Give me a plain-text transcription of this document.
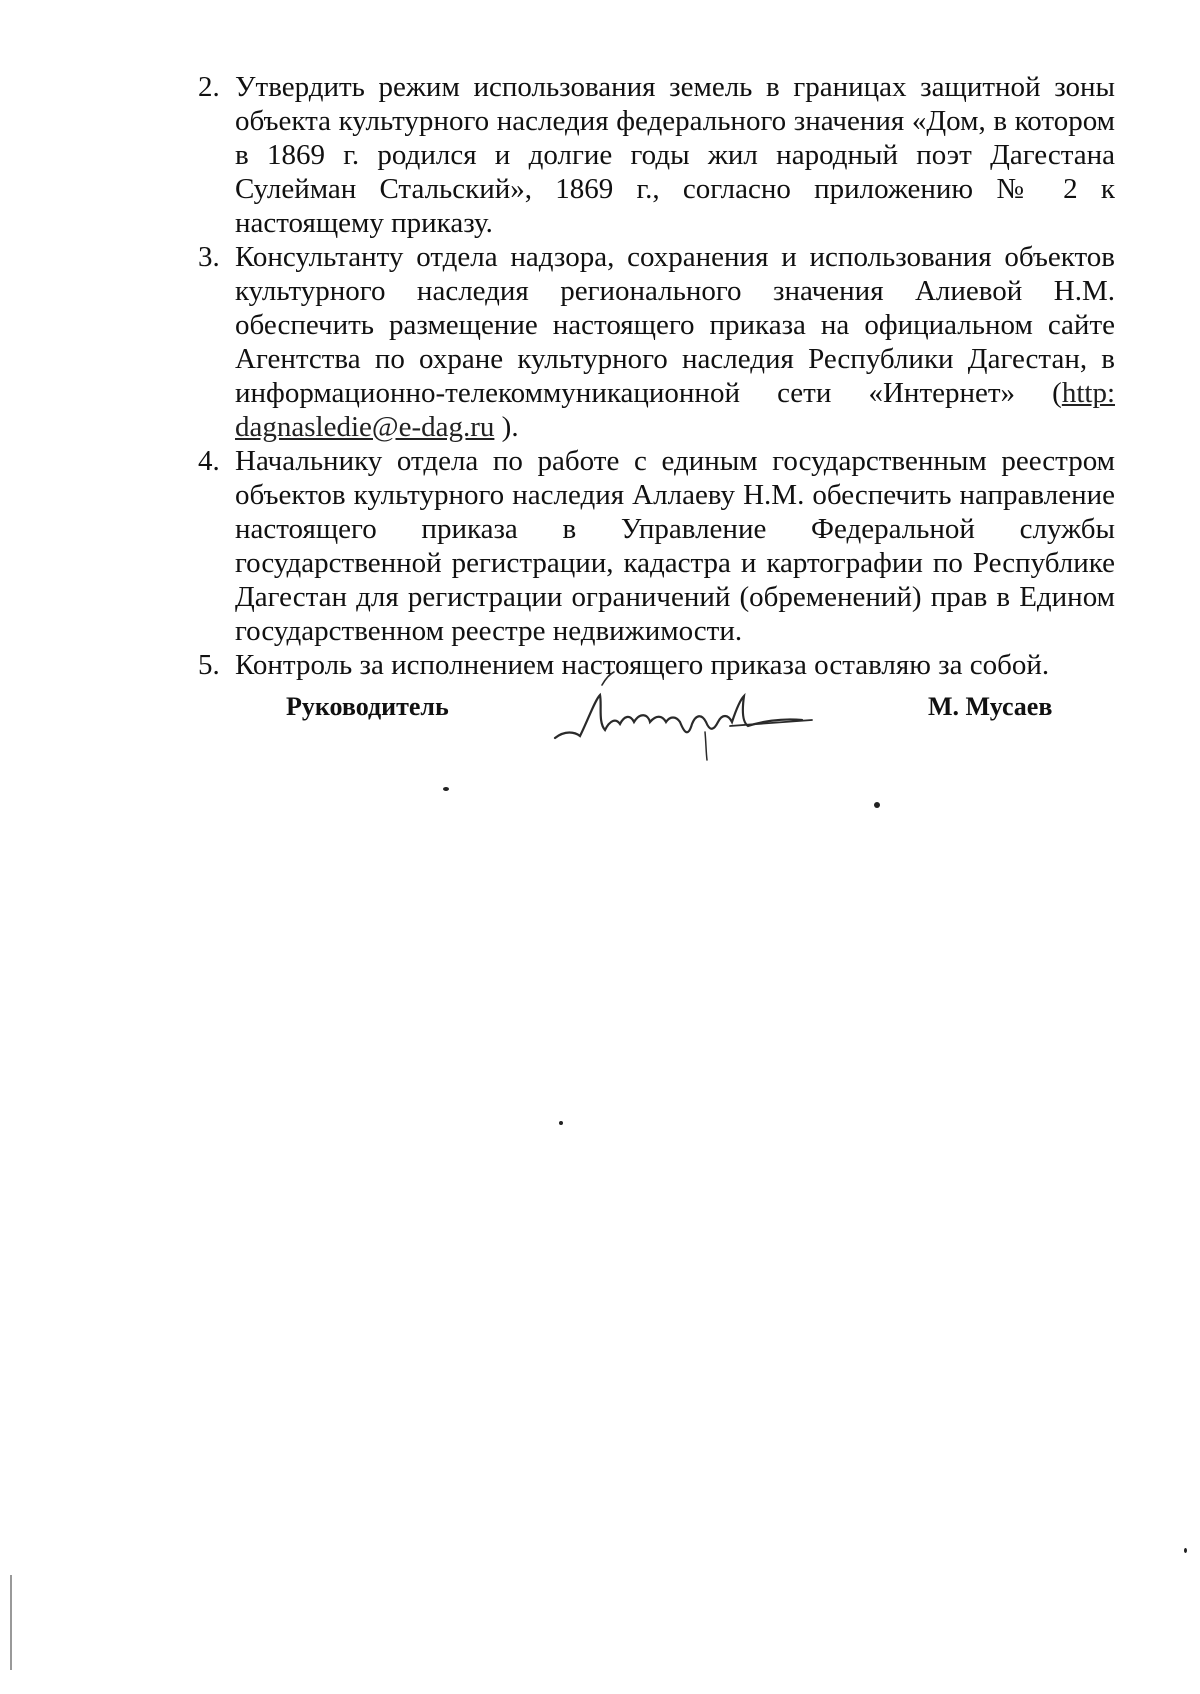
2. Утвердить режим использования земель в границах защитной зоны объекта культурного наследия федерального значения «Дом, в котором в 1869 г. родился и долгие годы жил народный поэт Дагестана Сулейман Стальский», 1869 г., согласно приложению № 2 к настоящему приказу.
3. Консультанту отдела надзора, сохранения и использования объектов культурного наследия регионального значения Алиевой Н.М. обеспечить размещение настоящего приказа на официальном сайте Агентства по охране культурного наследия Республики Дагестан, в информационно-телекоммуникационной сети «Интернет» (http: dagnasledie@e-dag.ru ).
4. Начальнику отдела по работе с единым государственным реестром объектов культурного наследия Аллаеву Н.М. обеспечить направление настоящего приказа в Управление Федеральной службы государственной регистрации, кадастра и картографии по Республике Дагестан для регистрации ограничений (обременений) прав в Едином государственном реестре недвижимости.
5. Контроль за исполнением настоящего приказа оставляю за собой.
Руководитель	М. Мусаев
